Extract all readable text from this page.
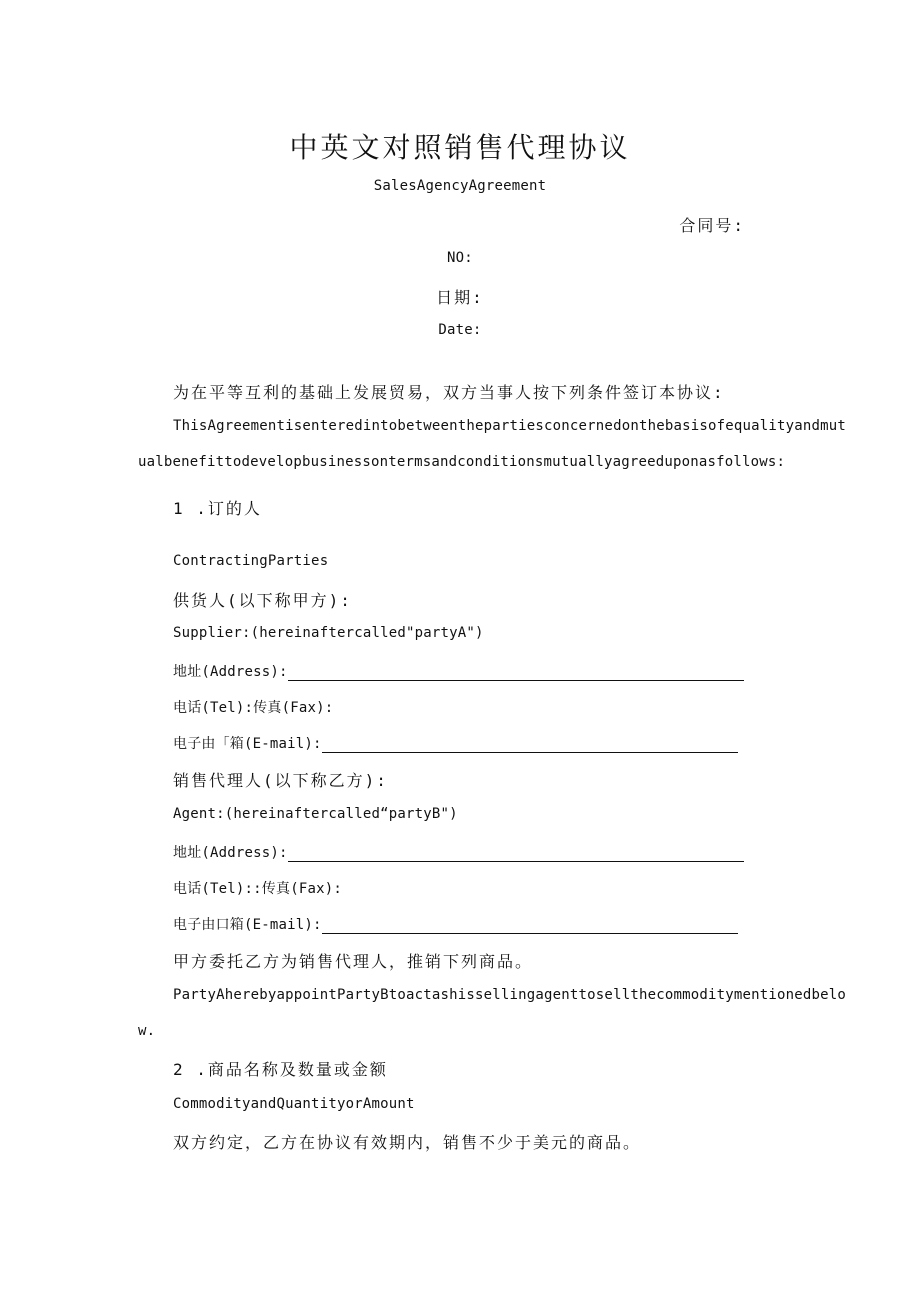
中英文对照销售代理协议
SalesAgencyAgreement
合同号:
NO:
日期:
Date:
为在平等互利的基础上发展贸易，双方当事人按下列条件签订本协议:
ThisAgreementisenteredintobetweenthepartiesconcernedonthebasisofequalityandmut
ualbenefittodevelopbusinessontermsandconditionsmutuallyagreeduponasfollows:
1 .订的人
ContractingParties
供货人(以下称甲方):
Supplier:(hereinaftercalled"partyA")
地址(Address):
电话(Tel):传真(Fax):
电子由「箱(E-mail):
销售代理人(以下称乙方):
Agent:(hereinaftercalled“partyB")
地址(Address):
电话(Tel)::传真(Fax):
电子由口箱(E-mail):
甲方委托乙方为销售代理人，推销下列商品。
PartyAherebyappointPartyBtoactashissellingagenttosellthecommoditymentionedbelo
w.
2 .商品名称及数量或金额
CommodityandQuantityorAmount
双方约定，乙方在协议有效期内，销售不少于美元的商品。
